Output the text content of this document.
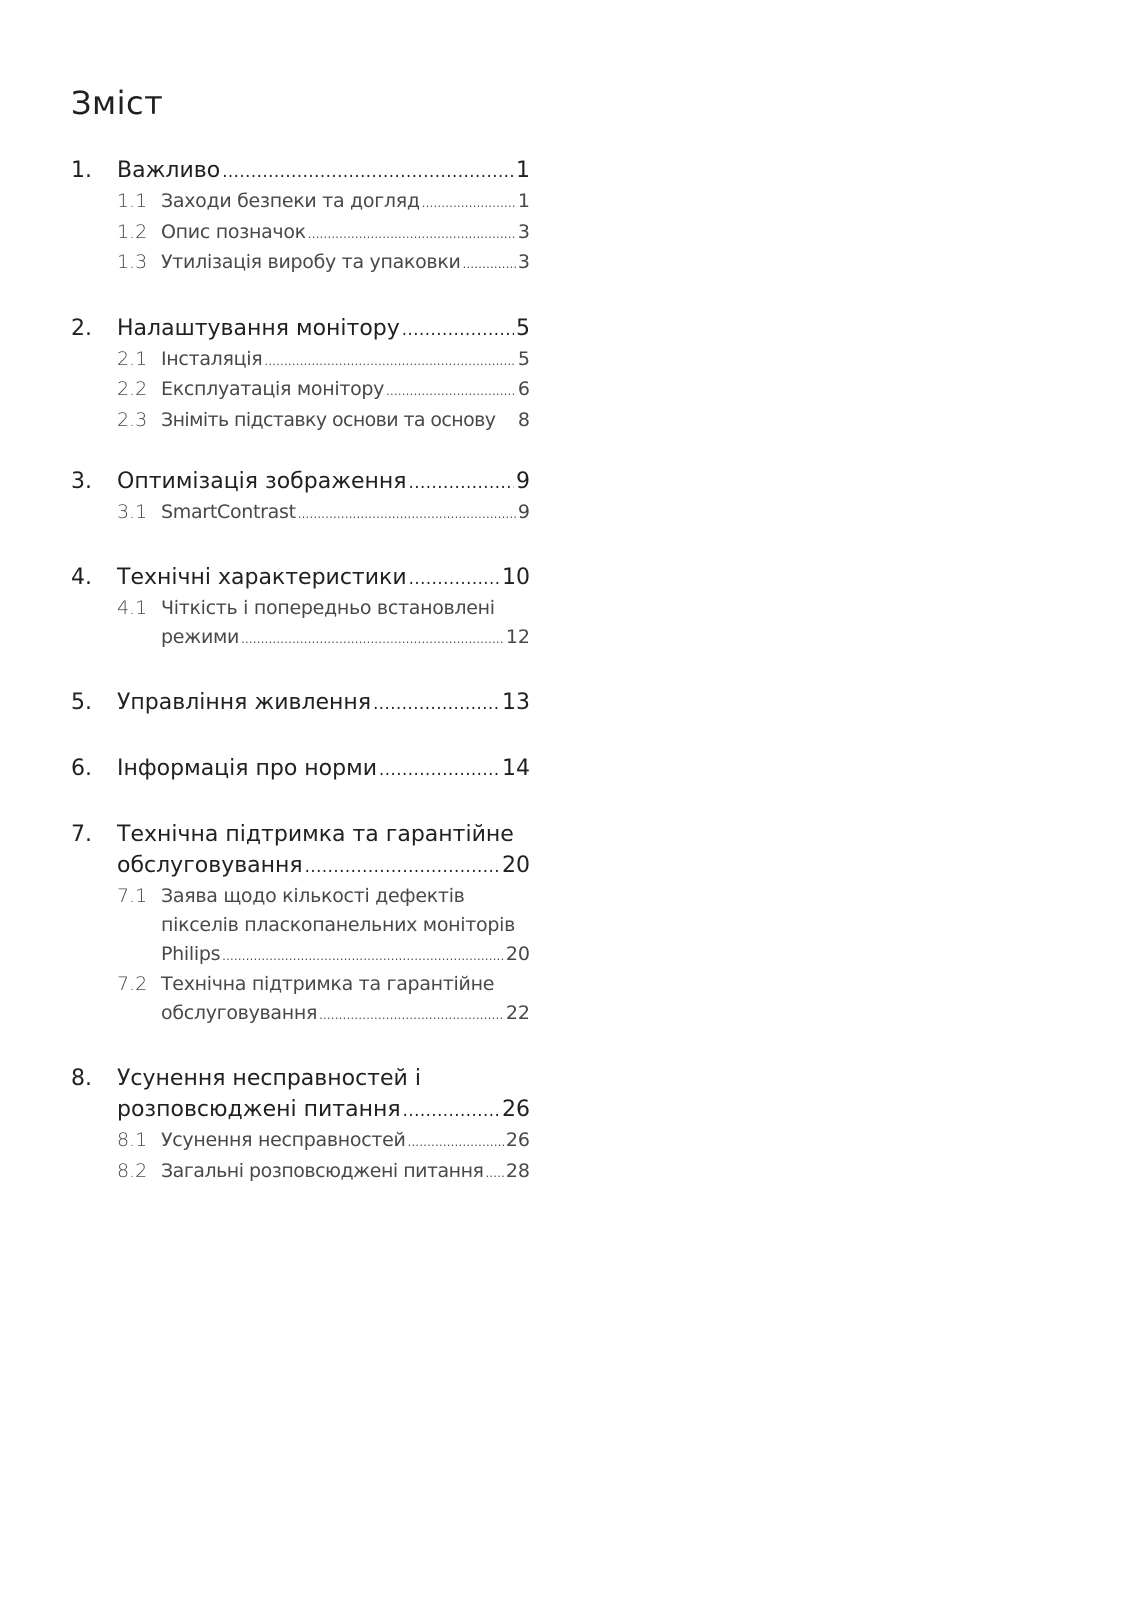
Зміст
1.	Важливо .....	1
1.1 Заходи безпеки та догляд .....	1
1.2 Опис позначок .....	3
1.3 Утилізація виробу та упаковки .....	3
2.	Налаштування монітору .....	5
2.1 Інсталяція .....	5
2.2 Експлуатація монітору .....	6
2.3 Зніміть підставку основи та основу 8
3.	Оптимізація зображення .....	9
3.1 SmartContrast .....	9
4.	Технічні характеристики .....	10
4.1 Чіткість і попередньо встановлені
режими .....	12
5.	Управління живлення .....	13
6.	Інформація про норми .....	14
7.	Технічна підтримка та гарантійне
обслуговування .....	20
7.1 Заява щодо кількості дефектів
пікселів пласкопанельних моніторів
Philips .....	20
7.2 Технічна підтримка та гарантійне
обслуговування .....	22
8.	Усунення несправностей і
розповсюджені питання .....	26
8.1 Усунення несправностей .....	26
8.2 Загальні розповсюджені питання ..... 28
